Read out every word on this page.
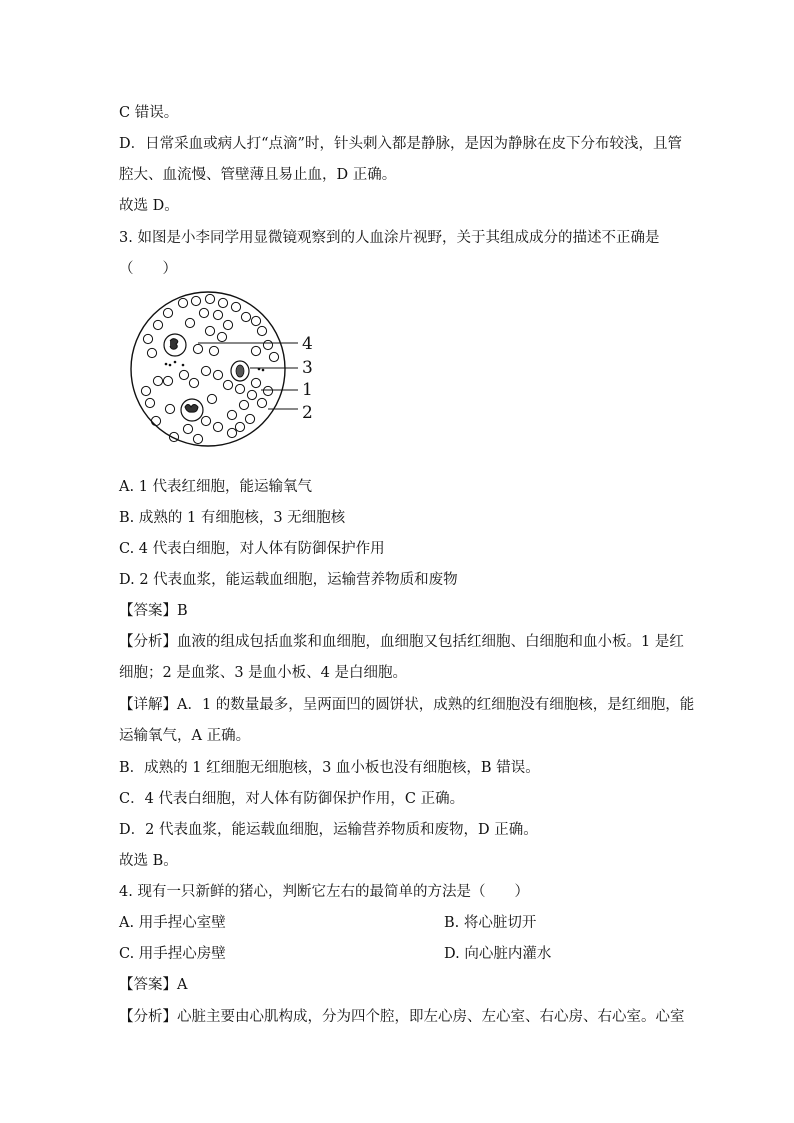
C 错误。
D．日常采血或病人打“点滴”时，针头刺入都是静脉，是因为静脉在皮下分布较浅，且管
腔大、血流慢、管壁薄且易止血，D 正确。
故选 D。
3. 如图是小李同学用显微镜观察到的人血涂片视野，关于其组成成分的描述不正确是
（　　）
4
3
1
2
A. 1 代表红细胞，能运输氧气
B. 成熟的 1 有细胞核，3 无细胞核
C. 4 代表白细胞，对人体有防御保护作用
D. 2 代表血浆，能运载血细胞，运输营养物质和废物
【答案】B
【分析】血液的组成包括血浆和血细胞，血细胞又包括红细胞、白细胞和血小板。1 是红
细胞；2 是血浆、3 是血小板、4 是白细胞。
【详解】A．1 的数量最多，呈两面凹的圆饼状，成熟的红细胞没有细胞核，是红细胞，能
运输氧气，A 正确。
B．成熟的 1 红细胞无细胞核，3 血小板也没有细胞核，B 错误。
C．4 代表白细胞，对人体有防御保护作用，C 正确。
D．2 代表血浆，能运载血细胞，运输营养物质和废物，D 正确。
故选 B。
4. 现有一只新鲜的猪心，判断它左右的最简单的方法是（　　）
A. 用手捏心室壁	B. 将心脏切开
C. 用手捏心房壁	D. 向心脏内灌水
【答案】A
【分析】心脏主要由心肌构成，分为四个腔，即左心房、左心室、右心房、右心室。心室
